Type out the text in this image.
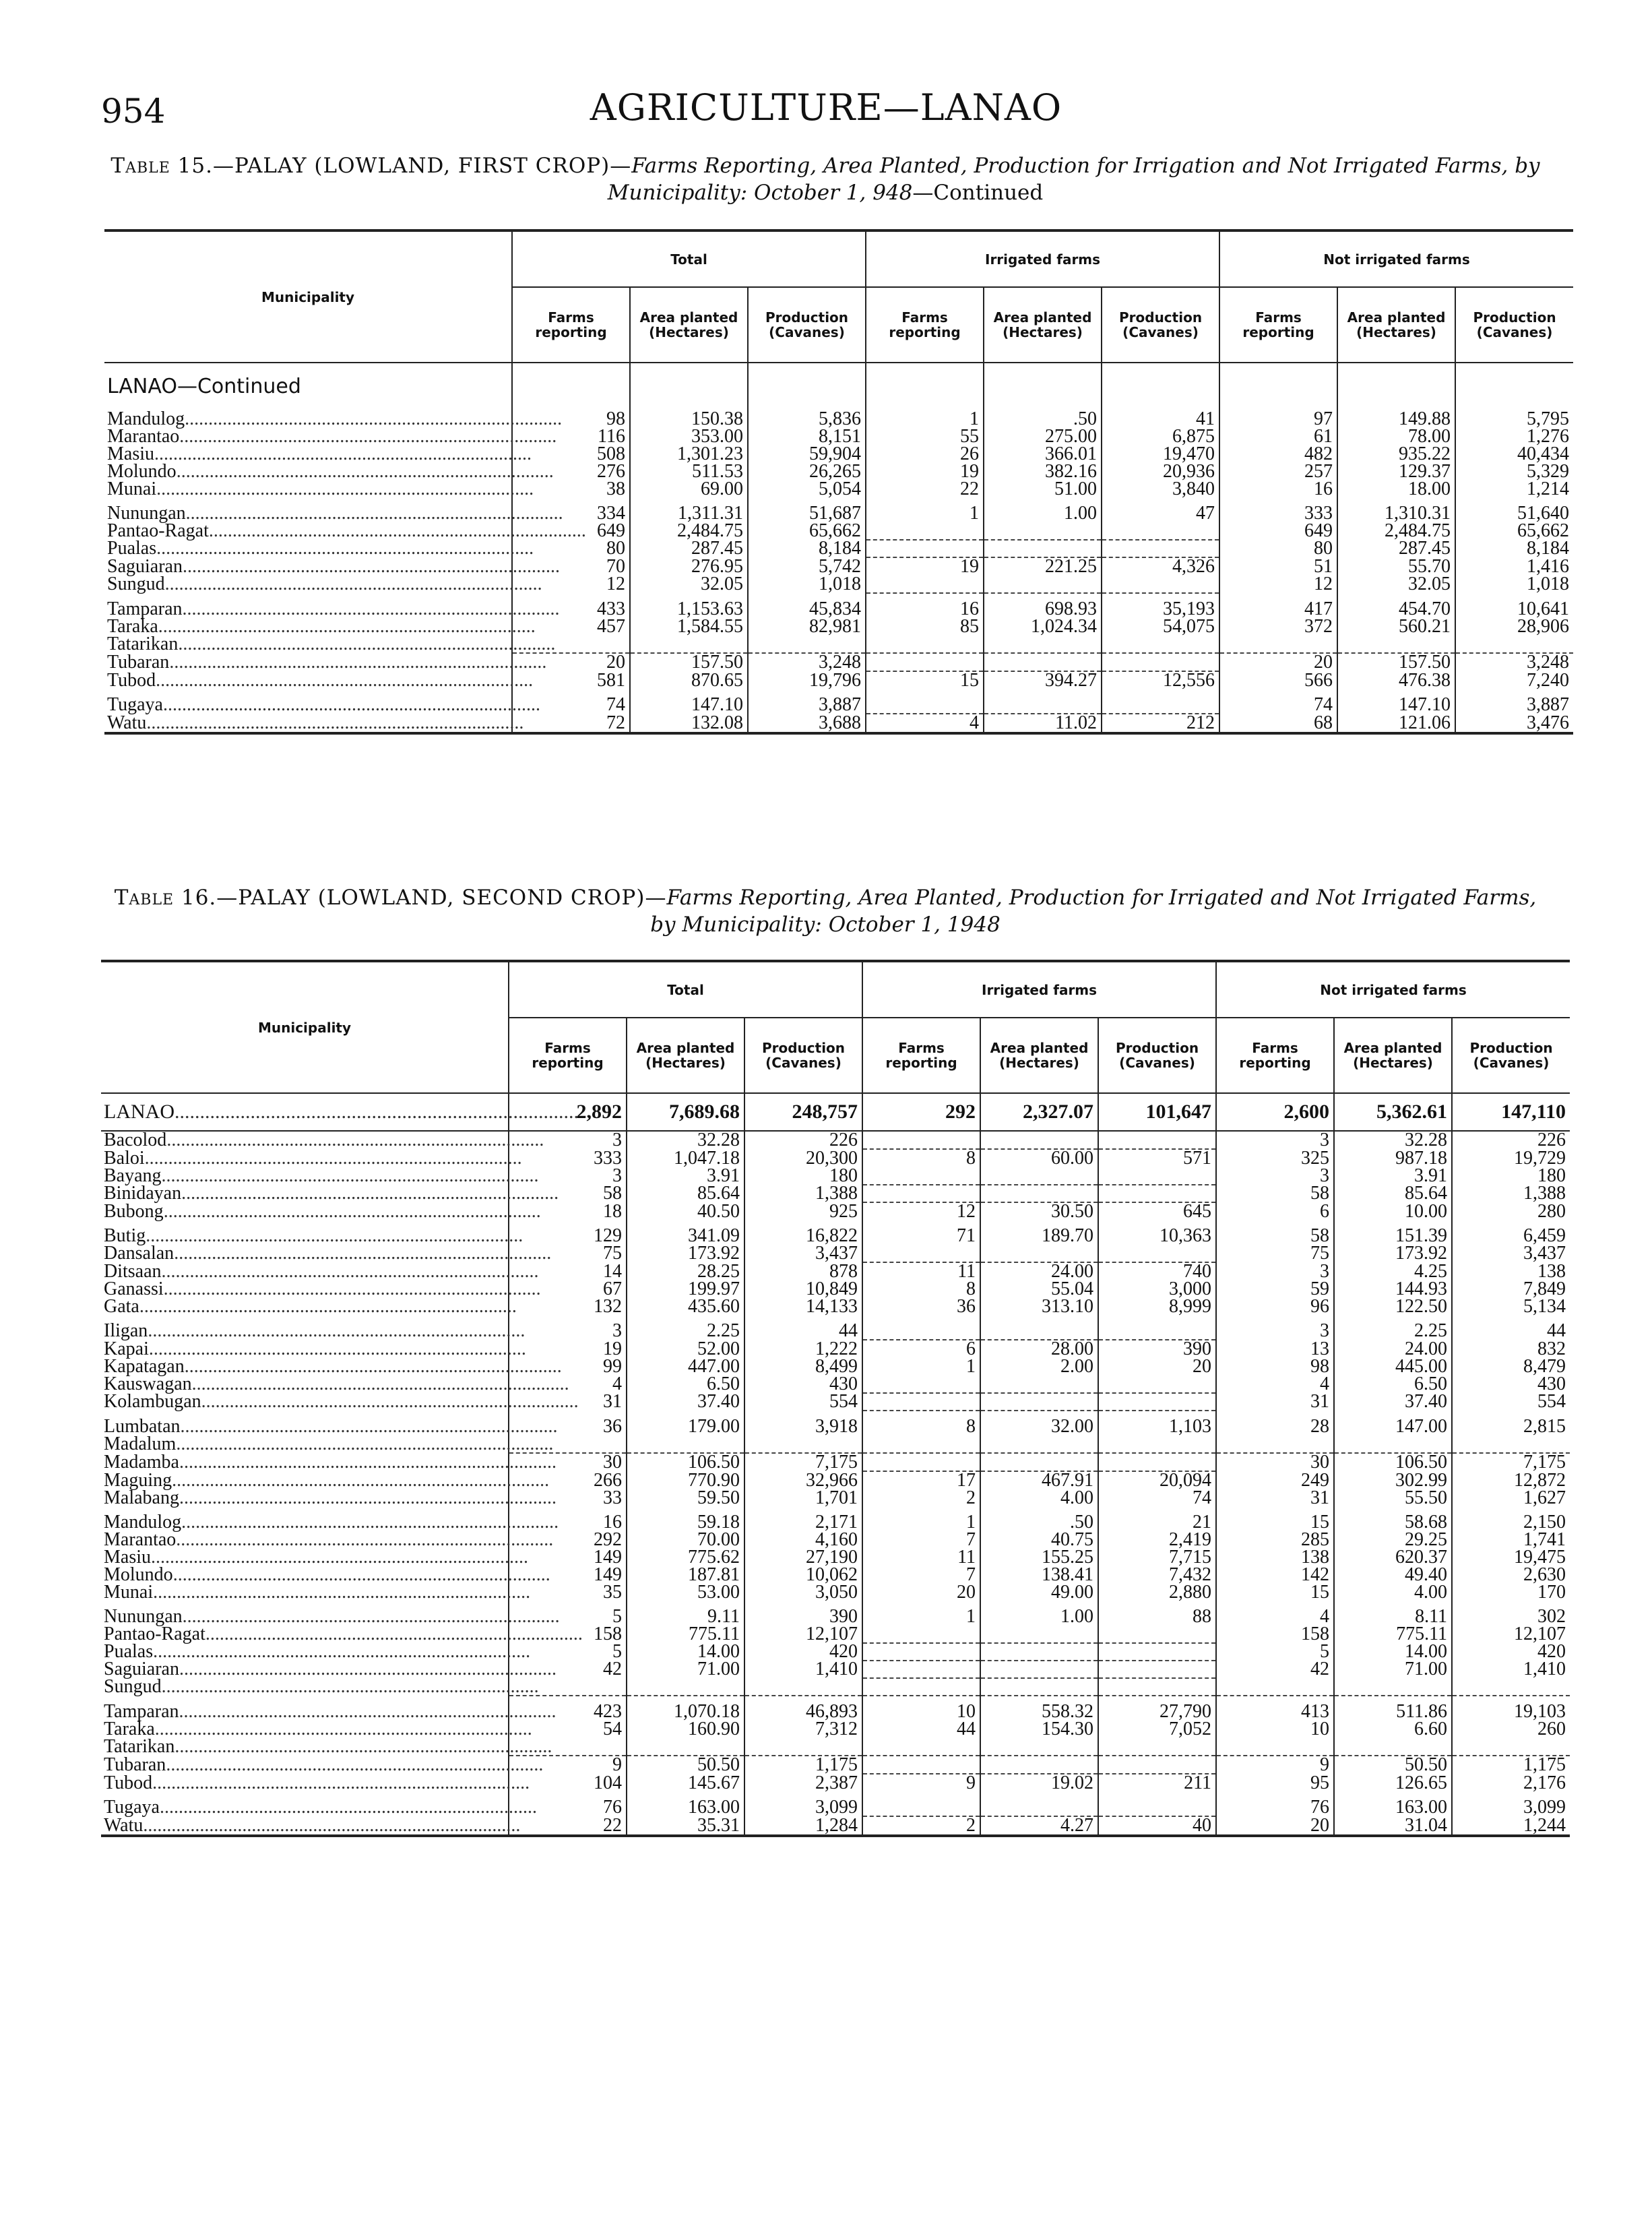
954	AGRICULTURE—LANAO
Table 15.—PALAY (LOWLAND, FIRST CROP)—Farms Reporting, Area Planted, Production for Irrigation and Not Irrigated Farms, by Municipality: October 1, 948—Continued
Municipality	Total			Irrigated farms			Not irrigated farms		
	Farms reporting	Area planted (Hectares)	Production (Cavanes)	Farms reporting	Area planted (Hectares)	Production (Cavanes)	Farms reporting	Area planted (Hectares)	Production (Cavanes)
LANAO—Continued									
Mandulog................................................................................	98	150.38	5,836	1	.50	41	97	149.88	5,795
Marantao................................................................................	116	353.00	8,151	55	275.00	6,875	61	78.00	1,276
Masiu................................................................................	508	1,301.23	59,904	26	366.01	19,470	482	935.22	40,434
Molundo................................................................................	276	511.53	26,265	19	382.16	20,936	257	129.37	5,329
Munai................................................................................	38	69.00	5,054	22	51.00	3,840	16	18.00	1,214
Nunungan................................................................................	334	1,311.31	51,687	1	1.00	47	333	1,310.31	51,640
Pantao-Ragat................................................................................	649	2,484.75	65,662				649	2,484.75	65,662
Pualas................................................................................	80	287.45	8,184				80	287.45	8,184
Saguiaran................................................................................	70	276.95	5,742	19	221.25	4,326	51	55.70	1,416
Sungud................................................................................	12	32.05	1,018				12	32.05	1,018
Tamparan................................................................................	433	1,153.63	45,834	16	698.93	35,193	417	454.70	10,641
Taraka................................................................................	457	1,584.55	82,981	85	1,024.34	54,075	372	560.21	28,906
Tatarikan................................................................................									
Tubaran................................................................................	20	157.50	3,248				20	157.50	3,248
Tubod................................................................................	581	870.65	19,796	15	394.27	12,556	566	476.38	7,240
Tugaya................................................................................	74	147.10	3,887				74	147.10	3,887
Watu................................................................................	72	132.08	3,688	4	11.02	212	68	121.06	3,476
Table 16.—PALAY (LOWLAND, SECOND CROP)—Farms Reporting, Area Planted, Production for Irrigated and Not Irrigated Farms, by Municipality: October 1, 1948
Municipality	Total			Irrigated farms			Not irrigated farms		
	Farms reporting	Area planted (Hectares)	Production (Cavanes)	Farms reporting	Area planted (Hectares)	Production (Cavanes)	Farms reporting	Area planted (Hectares)	Production (Cavanes)
LANAO................................................................................	2,892	7,689.68	248,757	292	2,327.07	101,647	2,600	5,362.61	147,110
Bacolod................................................................................	3	32.28	226				3	32.28	226
Baloi................................................................................	333	1,047.18	20,300	8	60.00	571	325	987.18	19,729
Bayang................................................................................	3	3.91	180				3	3.91	180
Binidayan................................................................................	58	85.64	1,388				58	85.64	1,388
Bubong................................................................................	18	40.50	925	12	30.50	645	6	10.00	280
Butig................................................................................	129	341.09	16,822	71	189.70	10,363	58	151.39	6,459
Dansalan................................................................................	75	173.92	3,437				75	173.92	3,437
Ditsaan................................................................................	14	28.25	878	11	24.00	740	3	4.25	138
Ganassi................................................................................	67	199.97	10,849	8	55.04	3,000	59	144.93	7,849
Gata................................................................................	132	435.60	14,133	36	313.10	8,999	96	122.50	5,134
Iligan................................................................................	3	2.25	44				3	2.25	44
Kapai................................................................................	19	52.00	1,222	6	28.00	390	13	24.00	832
Kapatagan................................................................................	99	447.00	8,499	1	2.00	20	98	445.00	8,479
Kauswagan................................................................................	4	6.50	430				4	6.50	430
Kolambugan................................................................................	31	37.40	554				31	37.40	554
Lumbatan................................................................................	36	179.00	3,918	8	32.00	1,103	28	147.00	2,815
Madalum................................................................................									
Madamba................................................................................	30	106.50	7,175				30	106.50	7,175
Maguing................................................................................	266	770.90	32,966	17	467.91	20,094	249	302.99	12,872
Malabang................................................................................	33	59.50	1,701	2	4.00	74	31	55.50	1,627
Mandulog................................................................................	16	59.18	2,171	1	.50	21	15	58.68	2,150
Marantao................................................................................	292	70.00	4,160	7	40.75	2,419	285	29.25	1,741
Masiu................................................................................	149	775.62	27,190	11	155.25	7,715	138	620.37	19,475
Molundo................................................................................	149	187.81	10,062	7	138.41	7,432	142	49.40	2,630
Munai................................................................................	35	53.00	3,050	20	49.00	2,880	15	4.00	170
Nunungan................................................................................	5	9.11	390	1	1.00	88	4	8.11	302
Pantao-Ragat................................................................................	158	775.11	12,107				158	775.11	12,107
Pualas................................................................................	5	14.00	420				5	14.00	420
Saguiaran................................................................................	42	71.00	1,410				42	71.00	1,410
Sungud................................................................................									
Tamparan................................................................................	423	1,070.18	46,893	10	558.32	27,790	413	511.86	19,103
Taraka................................................................................	54	160.90	7,312	44	154.30	7,052	10	6.60	260
Tatarikan................................................................................									
Tubaran................................................................................	9	50.50	1,175				9	50.50	1,175
Tubod................................................................................	104	145.67	2,387	9	19.02	211	95	126.65	2,176
Tugaya................................................................................	76	163.00	3,099				76	163.00	3,099
Watu................................................................................	22	35.31	1,284	2	4.27	40	20	31.04	1,244
